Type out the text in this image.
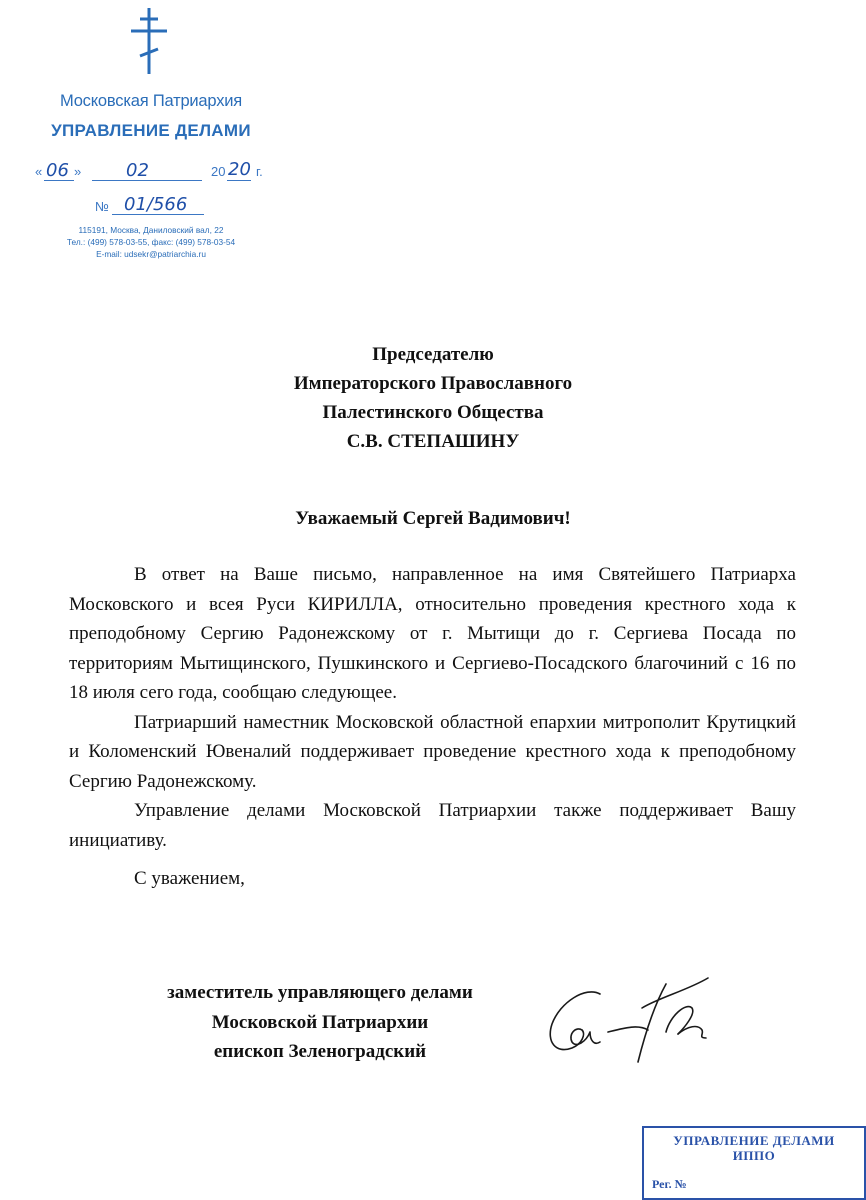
Московская Патриархия
УПРАВЛЕНИЕ ДЕЛАМИ
« 06 » 02	20 20 г.
№ 01/566
115191, Москва, Даниловский вал, 22
Тел.: (499) 578-03-55, факс: (499) 578-03-54
E-mail: udsekr@patriarchia.ru
Председателю
Императорского Православного
Палестинского Общества
С.В. СТЕПАШИНУ
Уважаемый Сергей Вадимович!

В ответ на Ваше письмо, направленное на имя Святейшего Патриарха Московского и всея Руси КИРИЛЛА, относительно проведения крестного хода к преподобному Сергию Радонежскому от г. Мытищи до г. Сергиева Посада по территориям Мытищинского, Пушкинского и Сергиево-Посадского благочиний с 16 по 18 июля сего года, сообщаю следующее.

Патриарший наместник Московской областной епархии митрополит Крутицкий и Коломенский Ювеналий поддерживает проведение крестного хода к преподобному Сергию Радонежскому.

Управление делами Московской Патриархии также поддерживает Вашу инициативу.

С уважением,
заместитель управляющего делами
Московской Патриархии
епископ Зеленоградский
УПРАВЛЕНИЕ ДЕЛАМИ
ИППО
Рег. №
